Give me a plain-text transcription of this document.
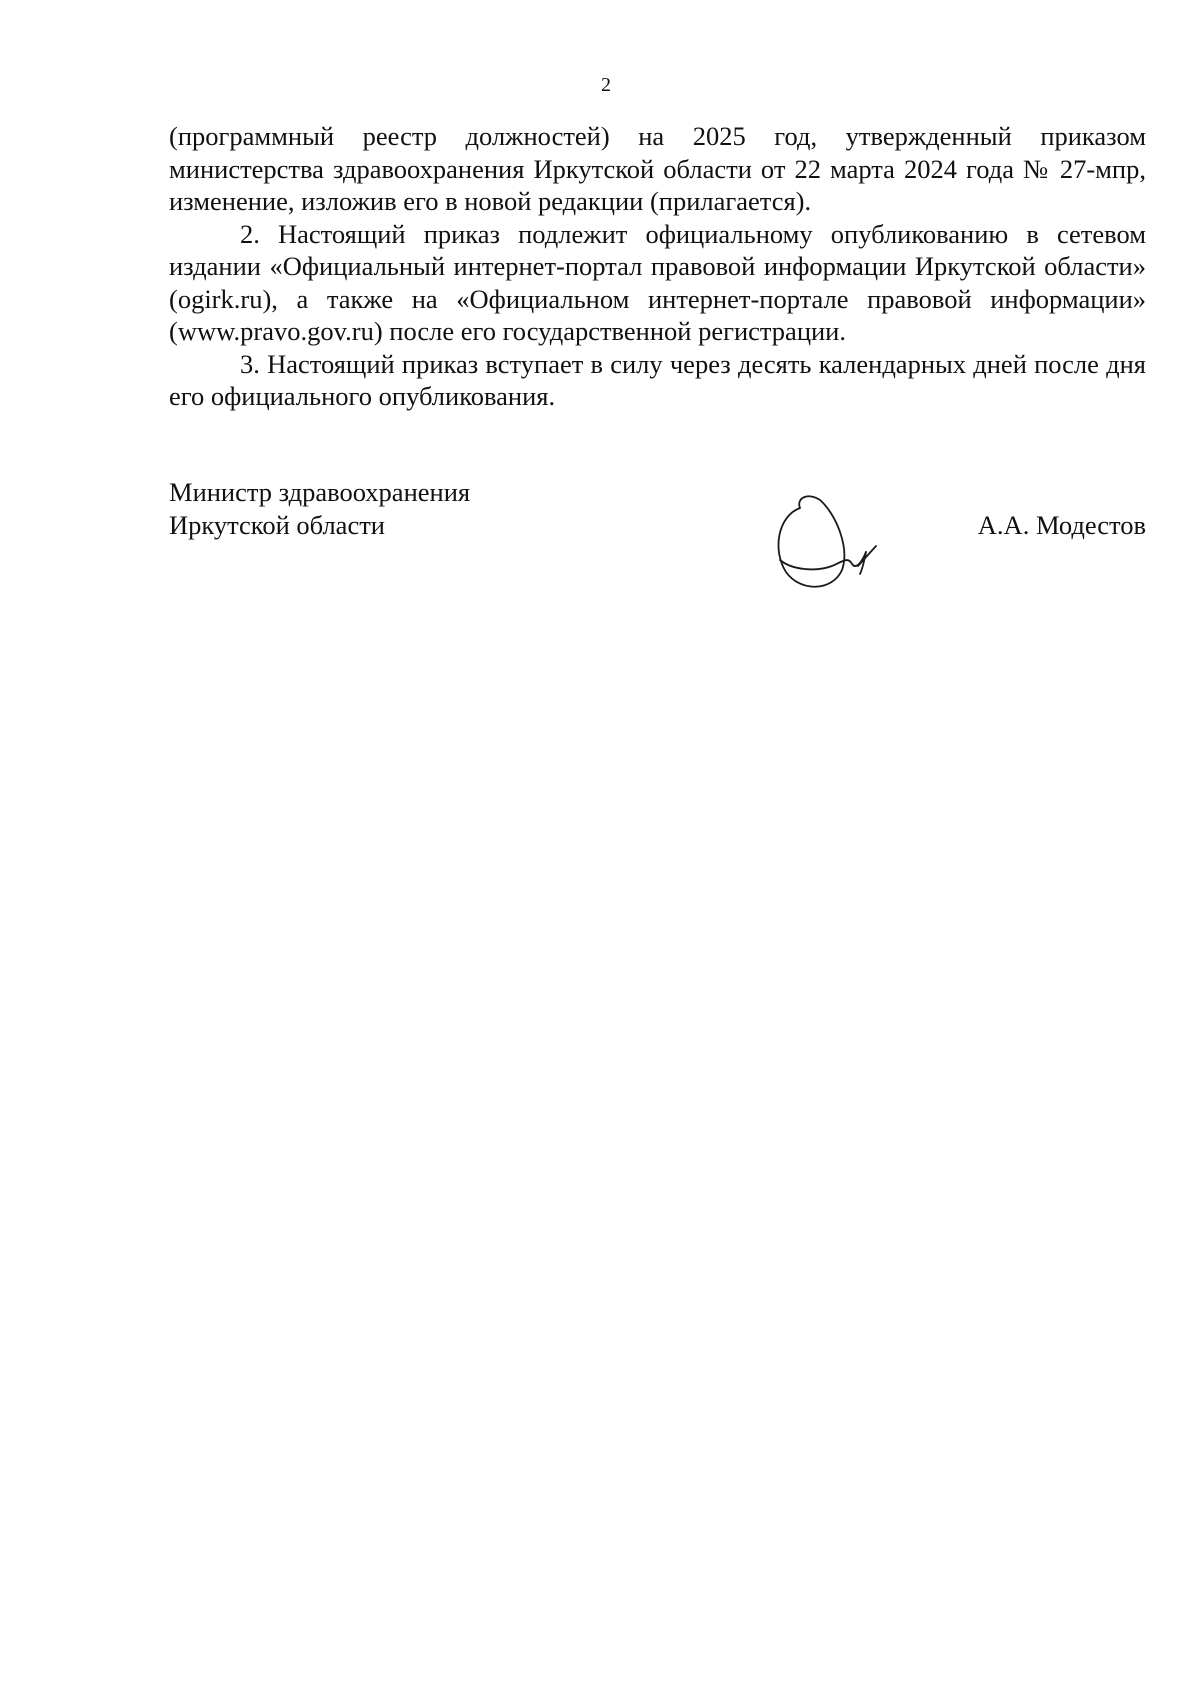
2

(программный реестр должностей) на 2025 год, утвержденный приказом министерства здравоохранения Иркутской области от 22 марта 2024 года № 27-мпр, изменение, изложив его в новой редакции (прилагается).

2. Настоящий приказ подлежит официальному опубликованию в сетевом издании «Официальный интернет-портал правовой информации Иркутской области» (ogirk.ru), а также на «Официальном интернет-портале правовой информации» (www.pravo.gov.ru) после его государственной регистрации.

3. Настоящий приказ вступает в силу через десять календарных дней после дня его официального опубликования.

Министр здравоохранения
Иркутской области	А.А. Модестов
